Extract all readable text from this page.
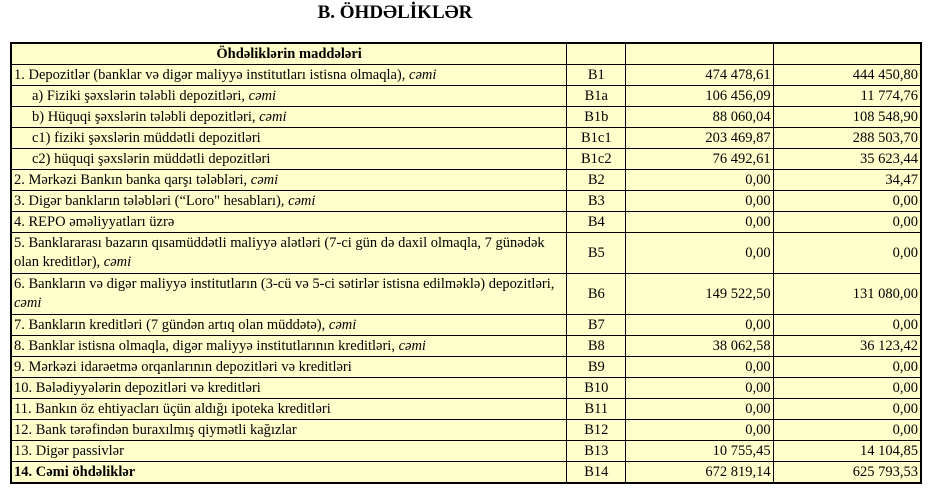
B. ÖHDƏLİKLƏR
Öhdəliklərin maddələri			
1. Depozitlər (banklar və digər maliyyə institutları istisna olmaqla), cəmi	B1	474 478,61	444 450,80
a) Fiziki şəxslərin tələbli depozitləri, cəmi	B1a	106 456,09	11 774,76
b) Hüquqi şəxslərin tələbli depozitləri, cəmi	B1b	88 060,04	108 548,90
c1) fiziki şəxslərin müddətli depozitləri	B1c1	203 469,87	288 503,70
c2) hüquqi şəxslərin müddətli depozitləri	B1c2	76 492,61	35 623,44
2. Mərkəzi Bankın banka qarşı tələbləri, cəmi	B2	0,00	34,47
3. Digər bankların tələbləri (“Loro" hesabları), cəmi	B3	0,00	0,00
4. REPO əməliyyatları üzrə	B4	0,00	0,00
5. Banklararası bazarın qısamüddətli maliyyə alətləri (7-ci gün də daxil olmaqla, 7 günədək olan kreditlər), cəmi	B5	0,00	0,00
6. Bankların və digər maliyyə institutların (3-cü və 5-ci sətirlər istisna edilməklə) depozitləri, cəmi	B6	149 522,50	131 080,00
7. Bankların kreditləri (7 gündən artıq olan müddətə), cəmi	B7	0,00	0,00
8. Banklar istisna olmaqla, digər maliyyə institutlarının kreditləri, cəmi	B8	38 062,58	36 123,42
9. Mərkəzi idarəetmə orqanlarının depozitləri və kreditləri	B9	0,00	0,00
10. Bələdiyyələrin depozitləri və kreditləri	B10	0,00	0,00
11. Bankın öz ehtiyacları üçün aldığı ipoteka kreditləri	B11	0,00	0,00
12. Bank tərəfindən buraxılmış qiymətli kağızlar	B12	0,00	0,00
13. Digər passivlər	B13	10 755,45	14 104,85
14. Cəmi öhdəliklər	B14	672 819,14	625 793,53
